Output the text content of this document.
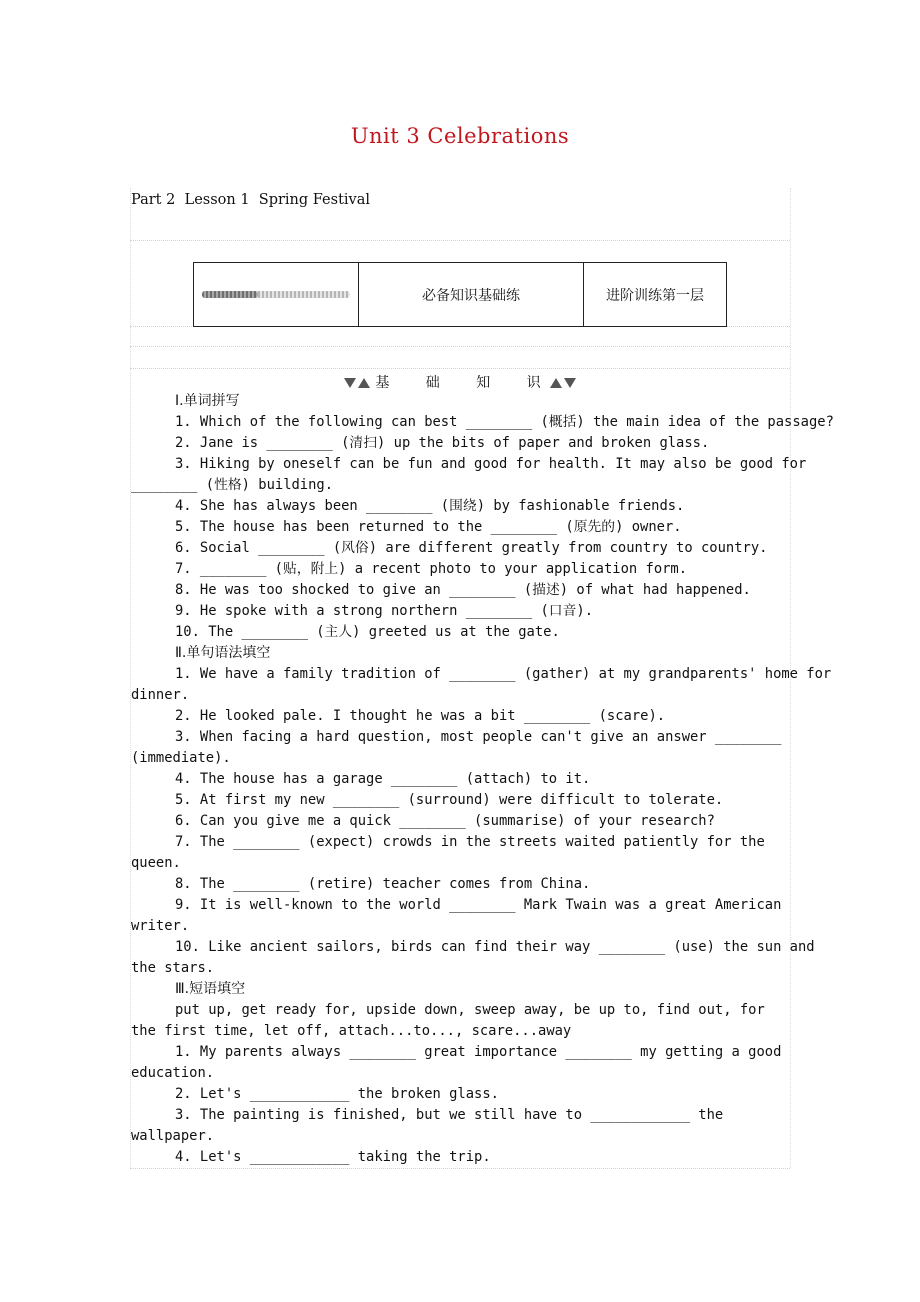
Unit 3 Celebrations
Part 2  Lesson 1  Spring Festival
	必备知识基础练	进阶训练第一层
基 础 知 识
Ⅰ.单词拼写
1. Which of the following can best ________ (概括) the main idea of the passage?
2. Jane is ________ (清扫) up the bits of paper and broken glass.
3. Hiking by oneself can be fun and good for health. It may also be good for
________ (性格) building.
4. She has always been ________ (围绕) by fashionable friends.
5. The house has been returned to the ________ (原先的) owner.
6. Social ________ (风俗) are different greatly from country to country.
7. ________ (贴，附上) a recent photo to your application form.
8. He was too shocked to give an ________ (描述) of what had happened.
9. He spoke with a strong northern ________ (口音).
10. The ________ (主人) greeted us at the gate.
Ⅱ.单句语法填空
1. We have a family tradition of ________ (gather) at my grandparents' home for
dinner.
2. He looked pale. I thought he was a bit ________ (scare).
3. When facing a hard question, most people can't give an answer ________
(immediate).
4. The house has a garage ________ (attach) to it.
5. At first my new ________ (surround) were difficult to tolerate.
6. Can you give me a quick ________ (summarise) of your research?
7. The ________ (expect) crowds in the streets waited patiently for the
queen.
8. The ________ (retire) teacher comes from China.
9. It is well-known to the world ________ Mark Twain was a great American
writer.
10. Like ancient sailors, birds can find their way ________ (use) the sun and
the stars.
Ⅲ.短语填空
put up, get ready for, upside down, sweep away, be up to, find out, for
the first time, let off, attach...to..., scare...away
1. My parents always ________ great importance ________ my getting a good
education.
2. Let's ____________ the broken glass.
3. The painting is finished, but we still have to ____________ the
wallpaper.
4. Let's ____________ taking the trip.
